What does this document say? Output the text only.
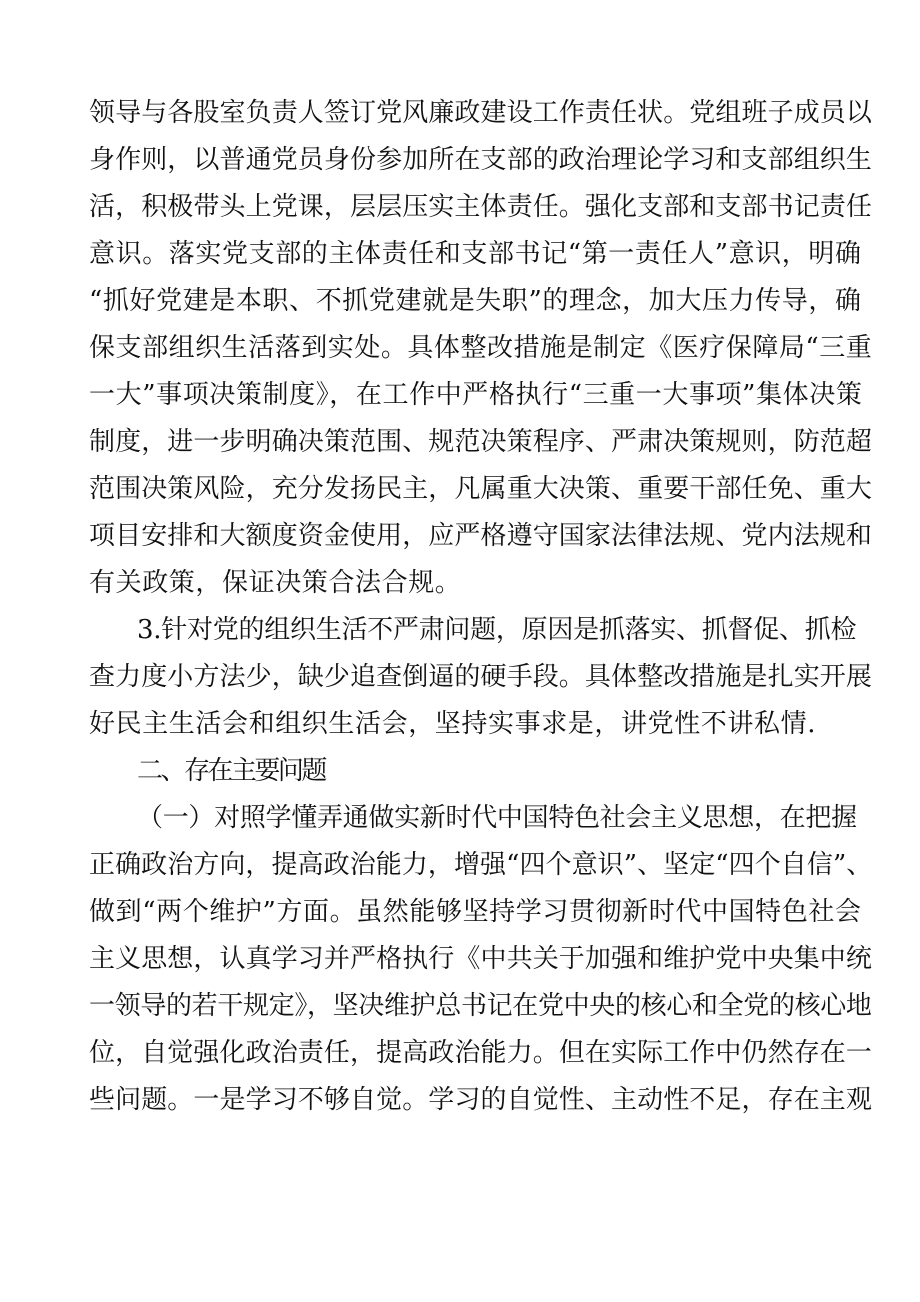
领导与各股室负责人签订党风廉政建设工作责任状。党组班子成员以
身作则，以普通党员身份参加所在支部的政治理论学习和支部组织生
活，积极带头上党课，层层压实主体责任。强化支部和支部书记责任
意识。落实党支部的主体责任和支部书记“第一责任人”意识，明确
“抓好党建是本职、不抓党建就是失职”的理念，加大压力传导，确
保支部组织生活落到实处。具体整改措施是制定《医疗保障局“三重
一大”事项决策制度》，在工作中严格执行“三重一大事项”集体决策
制度，进一步明确决策范围、规范决策程序、严肃决策规则，防范超
范围决策风险，充分发扬民主，凡属重大决策、重要干部任免、重大
项目安排和大额度资金使用，应严格遵守国家法律法规、党内法规和
有关政策，保证决策合法合规。
3.针对党的组织生活不严肃问题，原因是抓落实、抓督促、抓检
查力度小方法少，缺少追查倒逼的硬手段。具体整改措施是扎实开展
好民主生活会和组织生活会，坚持实事求是，讲党性不讲私情.
二、存在主要问题
（一）对照学懂弄通做实新时代中国特色社会主义思想，在把握
正确政治方向，提高政治能力，增强“四个意识”、坚定“四个自信”、
做到“两个维护”方面。虽然能够坚持学习贯彻新时代中国特色社会
主义思想，认真学习并严格执行《中共关于加强和维护党中央集中统
一领导的若干规定》，坚决维护总书记在党中央的核心和全党的核心地
位，自觉强化政治责任，提高政治能力。但在实际工作中仍然存在一
些问题。一是学习不够自觉。学习的自觉性、主动性不足，存在主观
